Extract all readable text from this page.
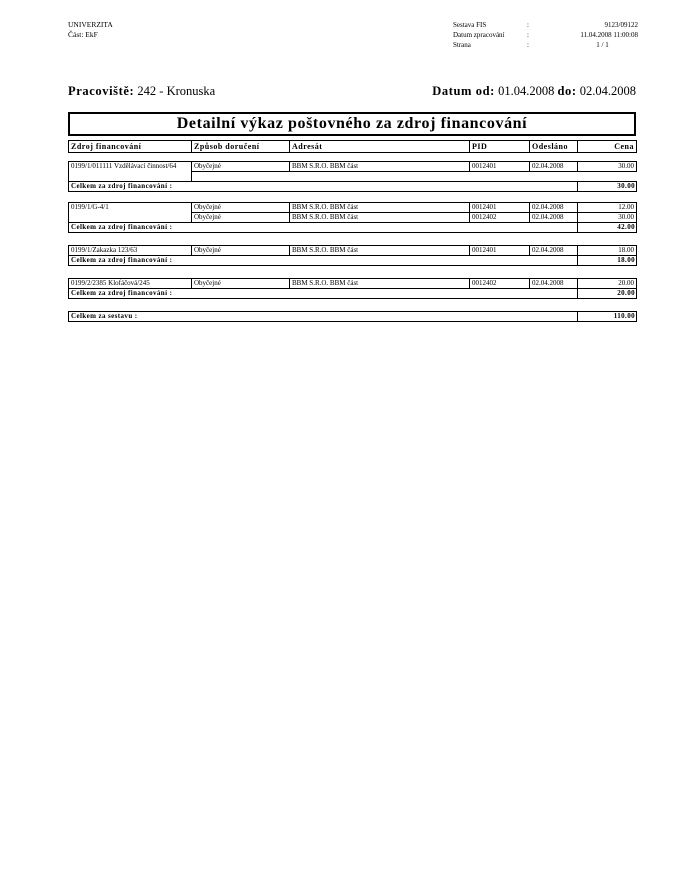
UNIVERZITA
Část: EkF
Sestava FIS	:	9123/09122
Datum zpracování	:	11.04.2008 11:00:08
Strana	:	1 / 1
Pracoviště: 242 - Kronuska	Datum od: 01.04.2008 do: 02.04.2008
Detailní výkaz poštovného za zdroj financování
Zdroj financování	Způsob doručení	Adresát	PID	Odesláno	Cena
0199/1/011111 Vzdělávací činnost/64	Obyčejné	BBM S.R.O. BBM část	0012401	02.04.2008	30.00

Celkem za zdroj financování :					30.00
0199/1/G-4/1	Obyčejné	BBM S.R.O. BBM část	0012401	02.04.2008	12.00
	Obyčejné	BBM S.R.O. BBM část	0012402	02.04.2008	30.00
Celkem za zdroj financování :					42.00
0199/1/Zakazka 123/63	Obyčejné	BBM S.R.O. BBM část	0012401	02.04.2008	18.00
Celkem za zdroj financování :					18.00
0199/2/2385 Klofáčová/245	Obyčejné	BBM S.R.O. BBM část	0012402	02.04.2008	20.00
Celkem za zdroj financování :					20.00
Celkem za sestavu :	110.00
